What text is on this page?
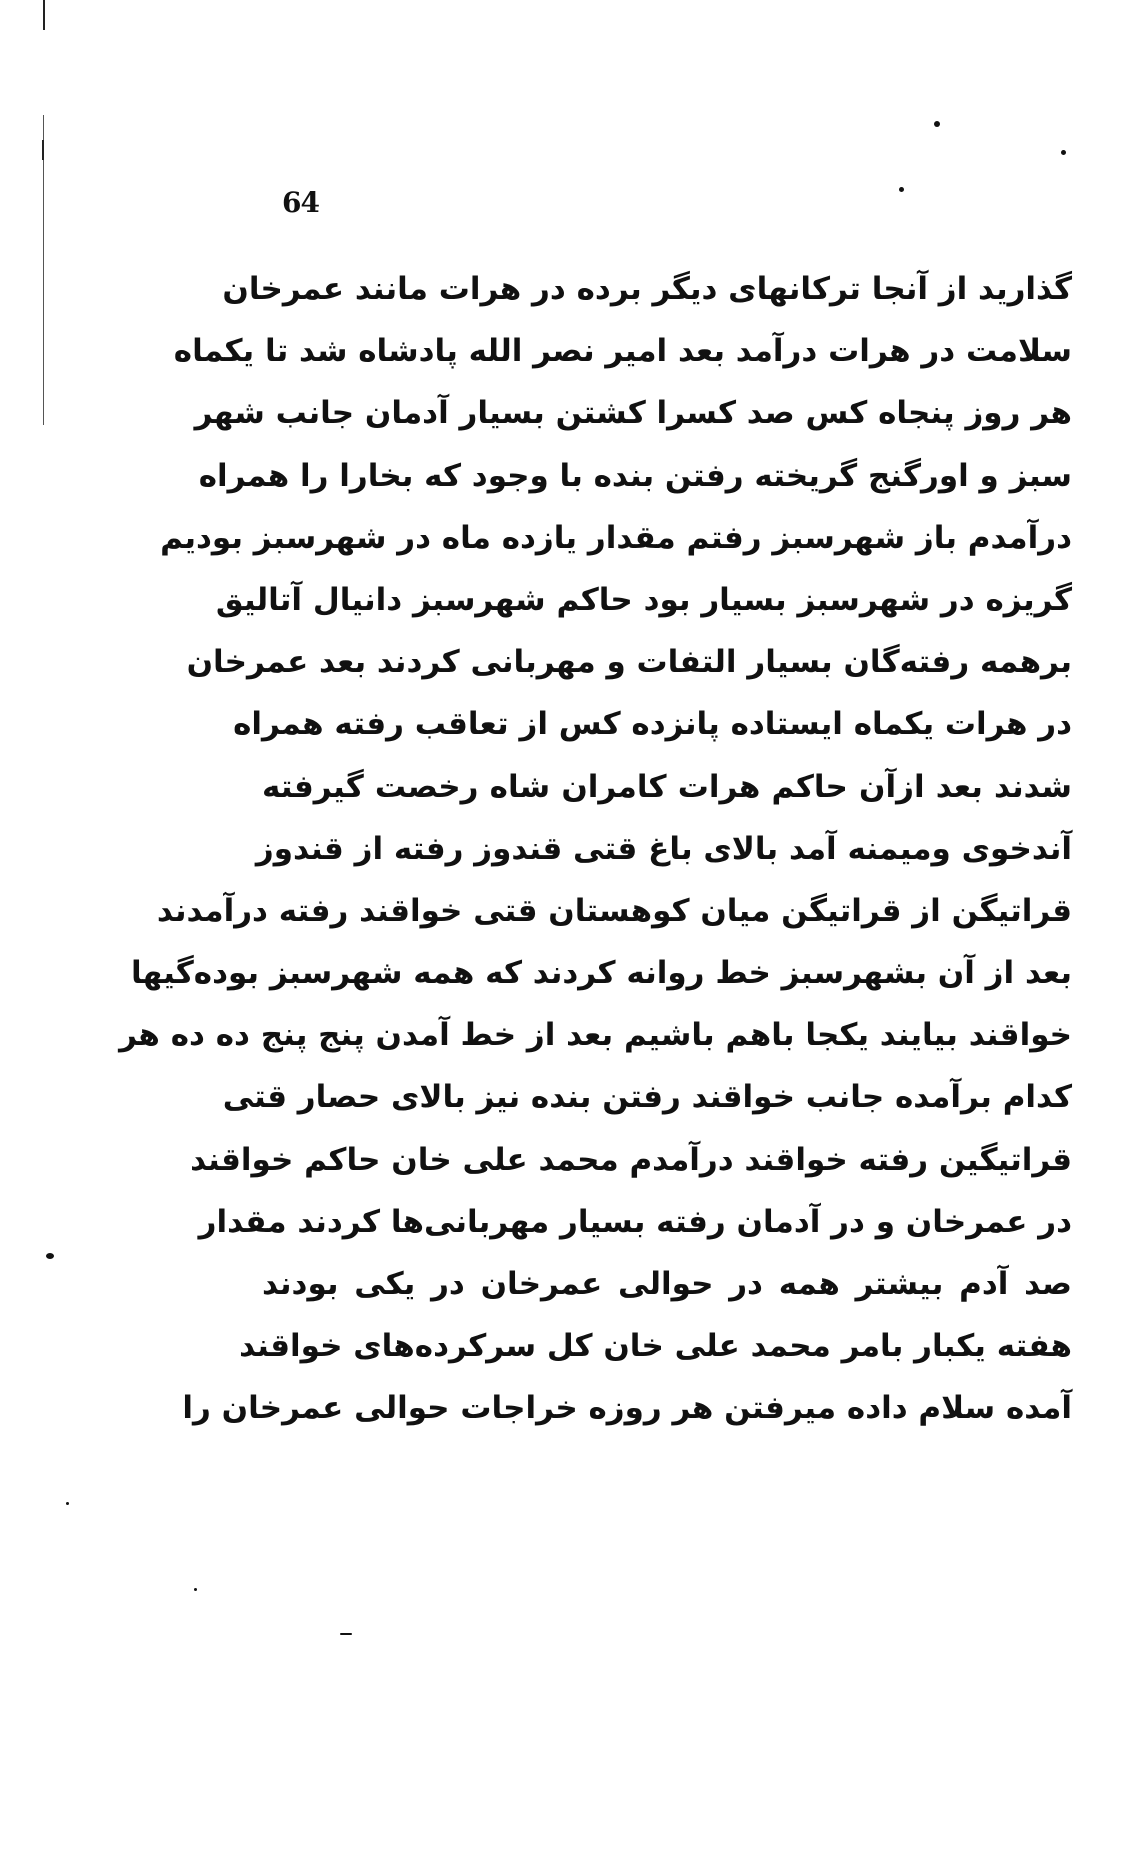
64
گذارید از آنجا ترکانهای دیگر برده در هرات مانند عمرخان
سلامت در هرات درآمد بعد امیر نصر الله پادشاه شد تا یکماه
هر روز پنجاه کس صد کسرا کشتن بسیار آدمان جانب شهر
سبز و اورگنج گریخته رفتن بنده با وجود که بخارا را همراه
درآمدم باز شهرسبز رفتم مقدار یازده ماه در شهرسبز بودیم
گریزه در شهرسبز بسیار بود حاکم شهرسبز دانیال آتالیق
برهمه رفته‌گان بسیار التفات و مهربانی کردند بعد عمرخان
در هرات یکماه ایستاده پانزده کس از تعاقب رفته همراه
شدند بعد ازآن حاکم هرات کامران شاه رخصت گیرفته
آندخوی ومیمنه آمد بالای باغ قتی قندوز رفته از قندوز
قراتیگن از قراتیگن میان کوهستان قتی خواقند رفته درآمدند
بعد از آن بشهرسبز خط روانه کردند که همه شهرسبز بوده‌گیها
خواقند بیایند یکجا باهم باشیم بعد از خط آمدن پنج پنج ده ده هر
کدام برآمده جانب خواقند رفتن بنده نیز بالای حصار قتی
قراتیگین رفته خواقند درآمدم محمد علی خان حاکم خواقند
در عمرخان و در آدمان رفته بسیار مهربانی‌ها کردند مقدار
صد آدم بیشتر همه در حوالی عمرخان در یکی بودند
هفته یکبار بامر محمد علی خان کل سرکرده‌های خواقند
آمده سلام داده میرفتن هر روزه خراجات حوالی عمرخان را
